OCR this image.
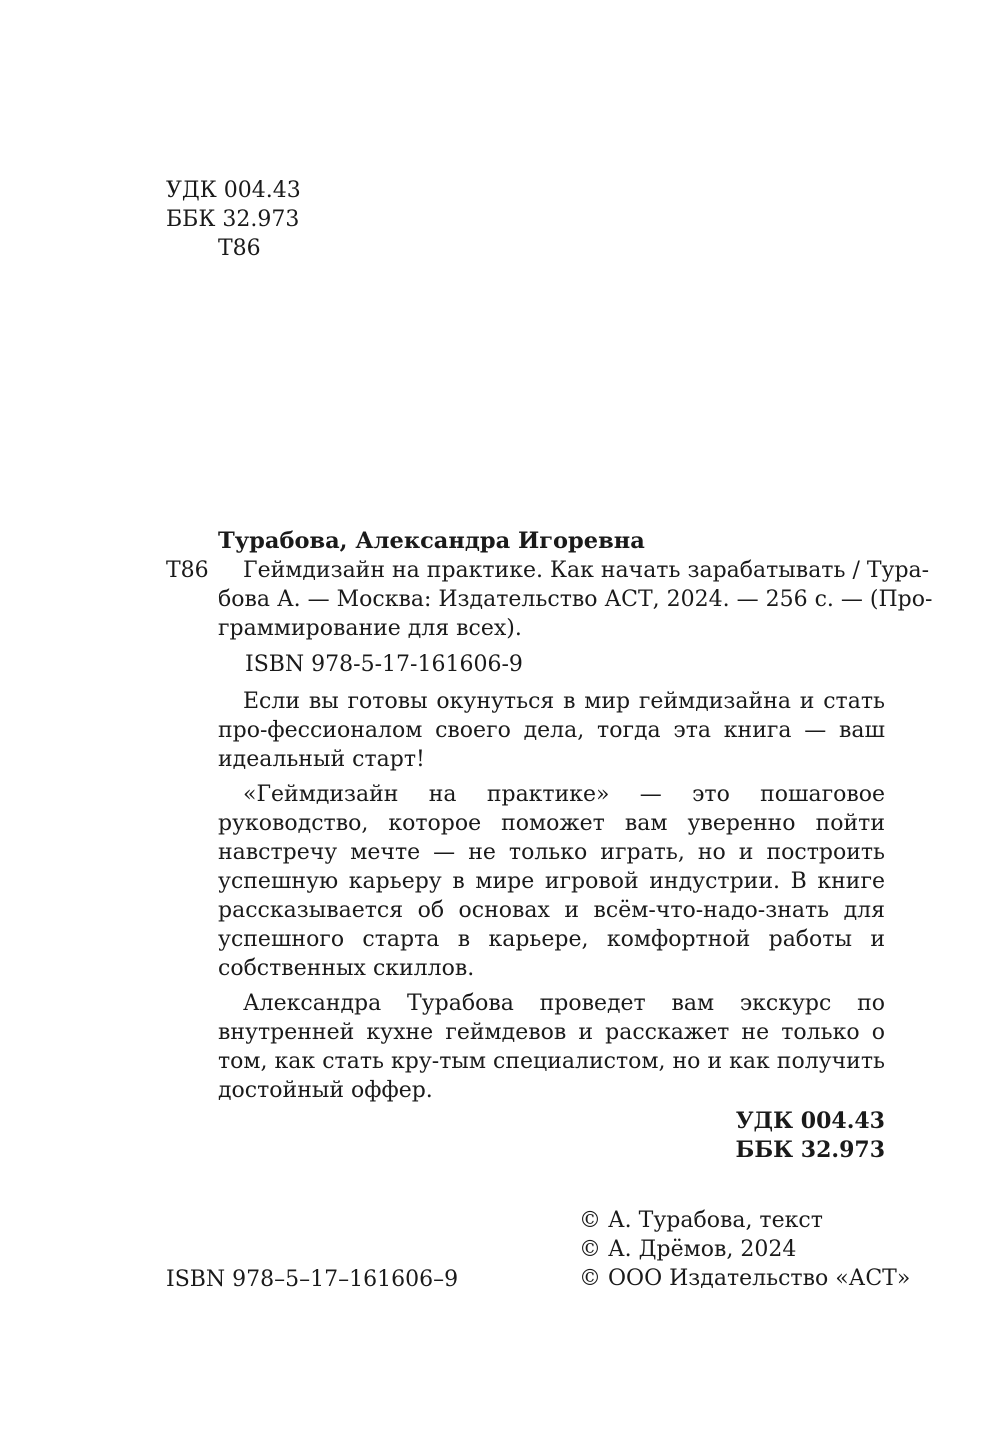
УДК 004.43
ББК 32.973
Т86
Турабова, Александра Игоревна
Т86	Геймдизайн на практике. Как начать зарабатывать / Тура-
бова А. — Москва: Издательство АСТ, 2024. — 256 с. — (Про-
граммирование для всех).
ISBN 978-5-17-161606-9

Если вы готовы окунуться в мир геймдизайна и стать про-фессионалом своего дела, тогда эта книга — ваш идеальный старт!

«Геймдизайн на практике» — это пошаговое руководство, которое поможет вам уверенно пойти навстречу мечте — не только играть, но и построить успешную карьеру в мире игровой индустрии. В книге рассказывается об основах и всём-что-надо-знать для успешного старта в карьере, комфортной работы и собственных скиллов.

Александра Турабова проведет вам экскурс по внутренней кухне геймдевов и расскажет не только о том, как стать кру-тым специалистом, но и как получить достойный оффер.

УДК 004.43
ББК 32.973
© А. Турабова, текст
© А. Дрёмов, 2024
© ООО Издательство «АСТ»
ISBN 978–5–17–161606–9
